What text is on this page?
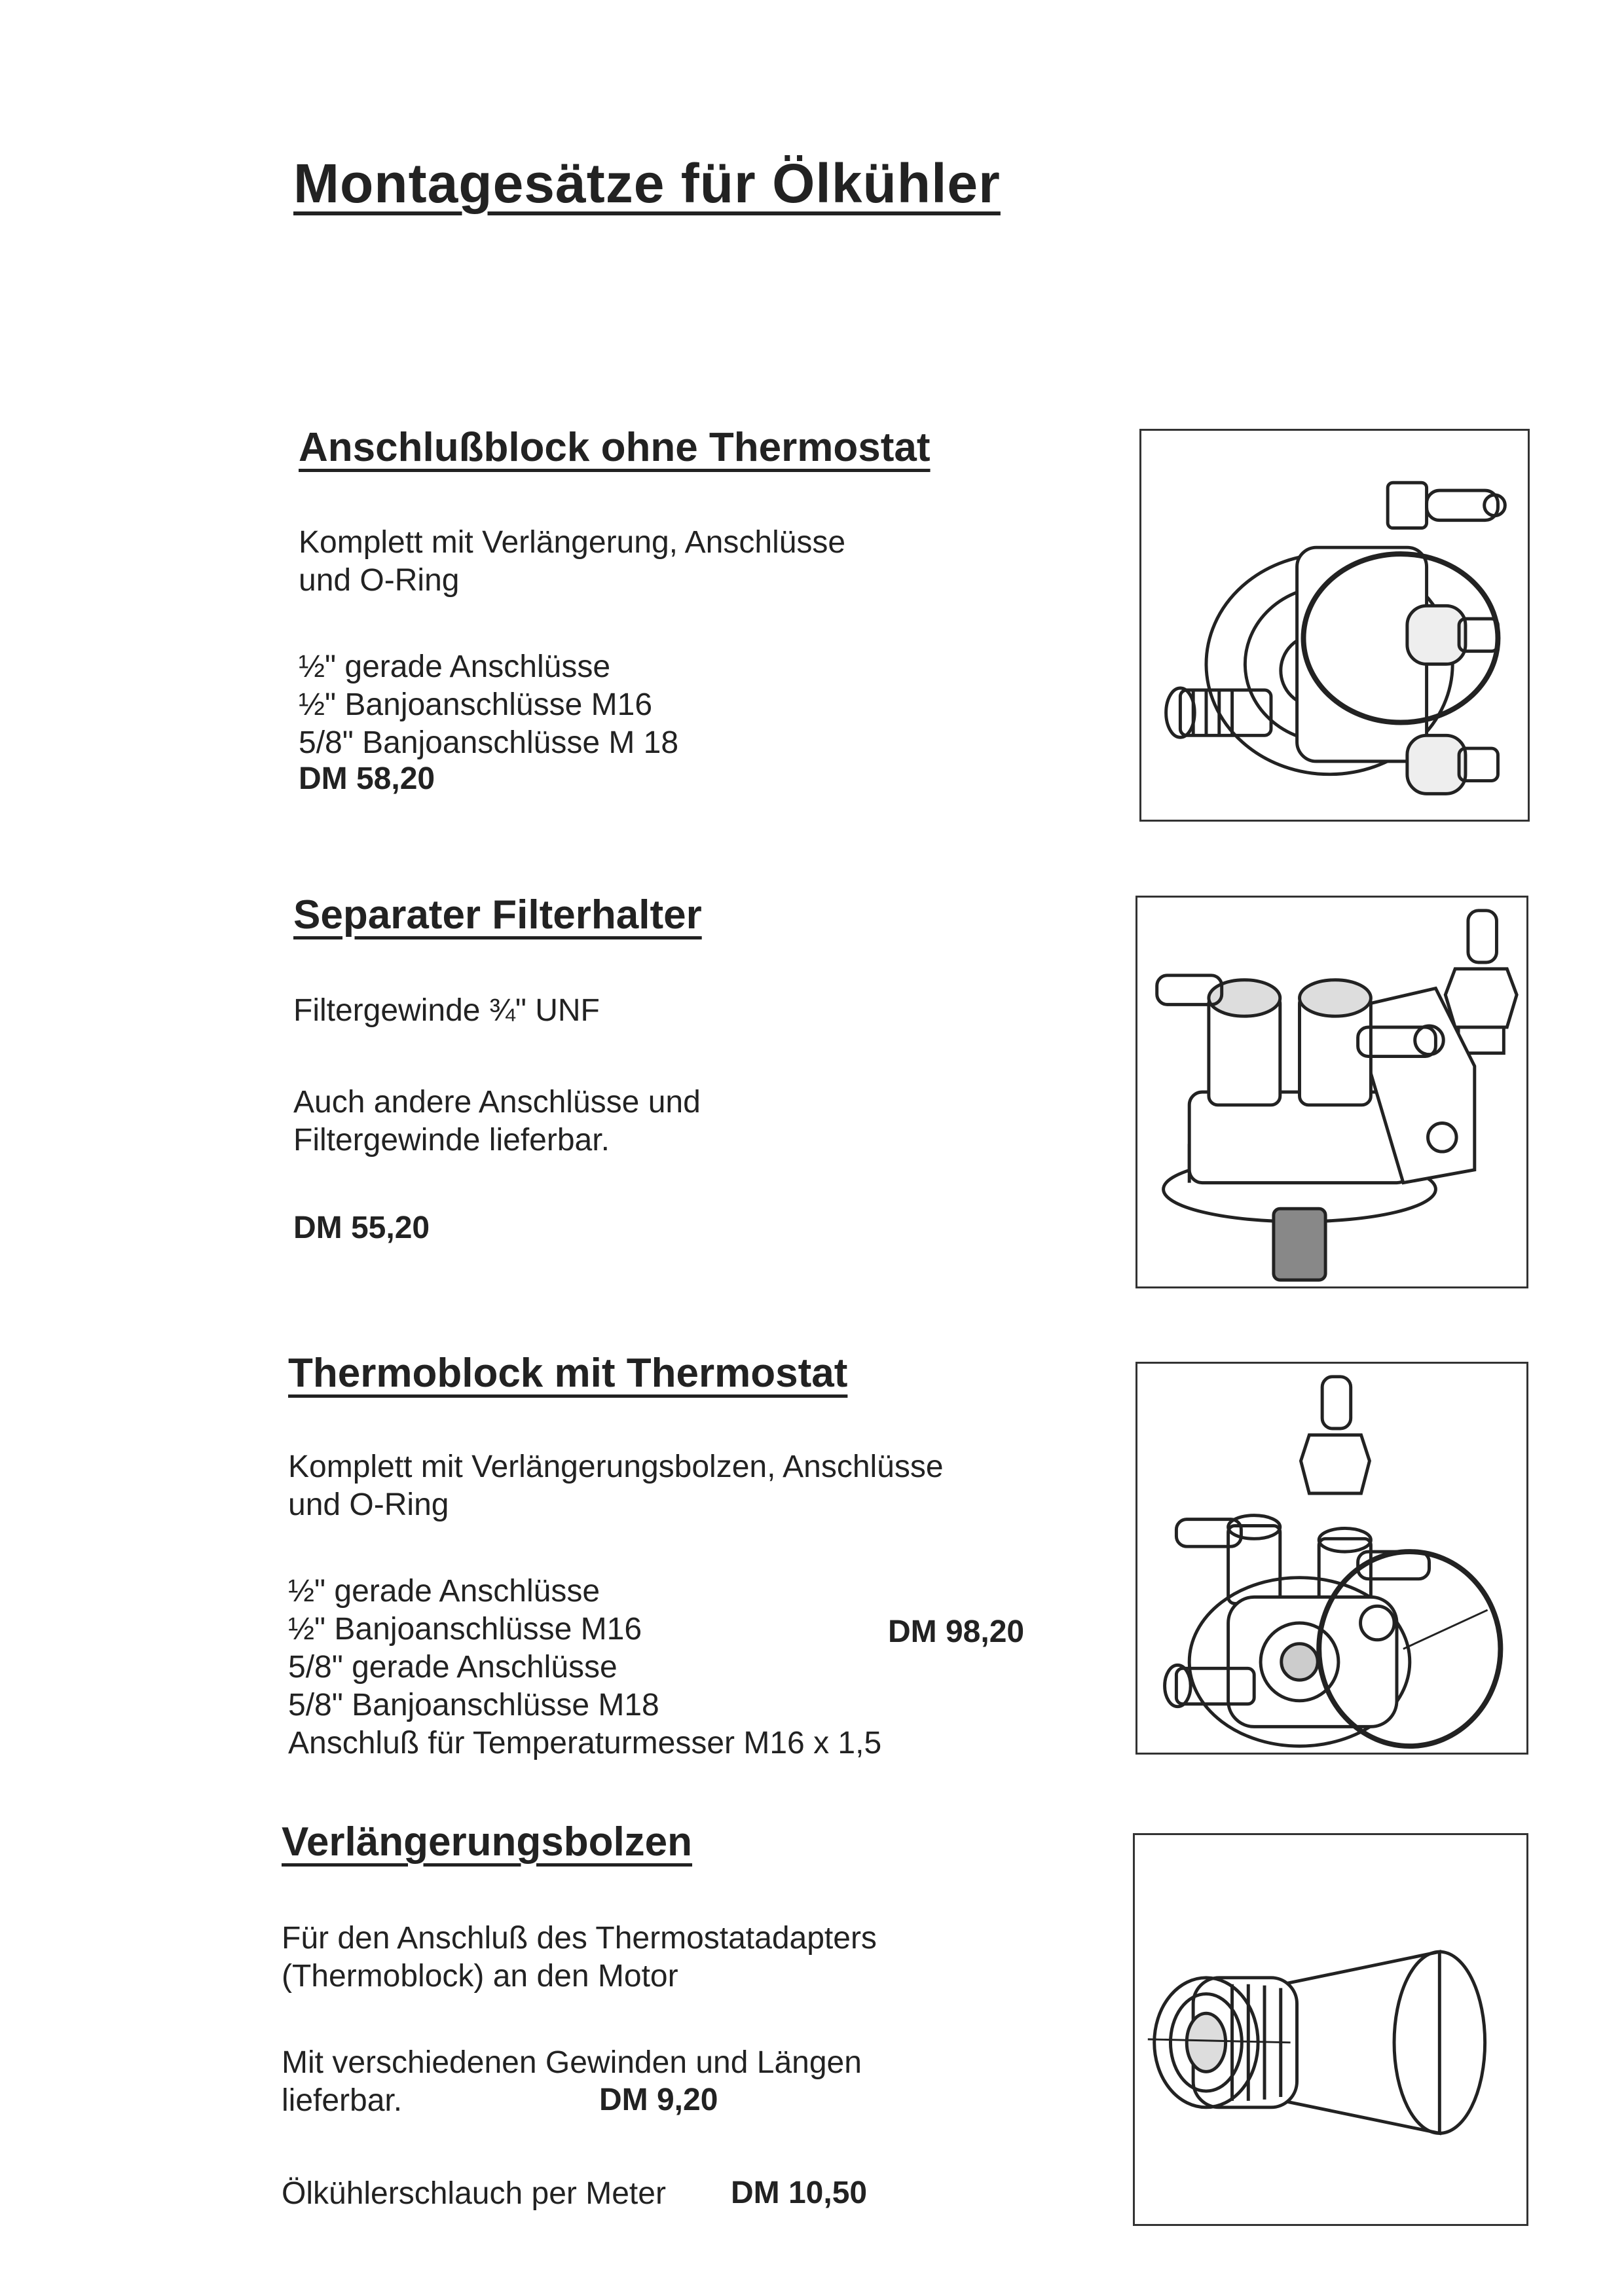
Montagesätze für Ölkühler
Anschlußblock ohne Thermostat
Komplett mit Verlängerung, Anschlüsse
und O-Ring
½" gerade Anschlüsse
½" Banjoanschlüsse M16
5/8" Banjoanschlüsse M 18
DM 58,20
Separater Filterhalter
Filtergewinde ¾" UNF
Auch andere Anschlüsse und
Filtergewinde lieferbar.
DM 55,20
Thermoblock mit Thermostat
Komplett mit Verlängerungsbolzen, Anschlüsse
und O-Ring
½" gerade Anschlüsse
½" Banjoanschlüsse M16
5/8" gerade Anschlüsse
5/8" Banjoanschlüsse M18
Anschluß für Temperaturmesser M16 x 1,5
DM 98,20
Verlängerungsbolzen
Für den Anschluß des Thermostatadapters
(Thermoblock) an den Motor
Mit verschiedenen Gewinden und Längen
lieferbar.	DM 9,20
Ölkühlerschlauch per Meter DM 10,50
